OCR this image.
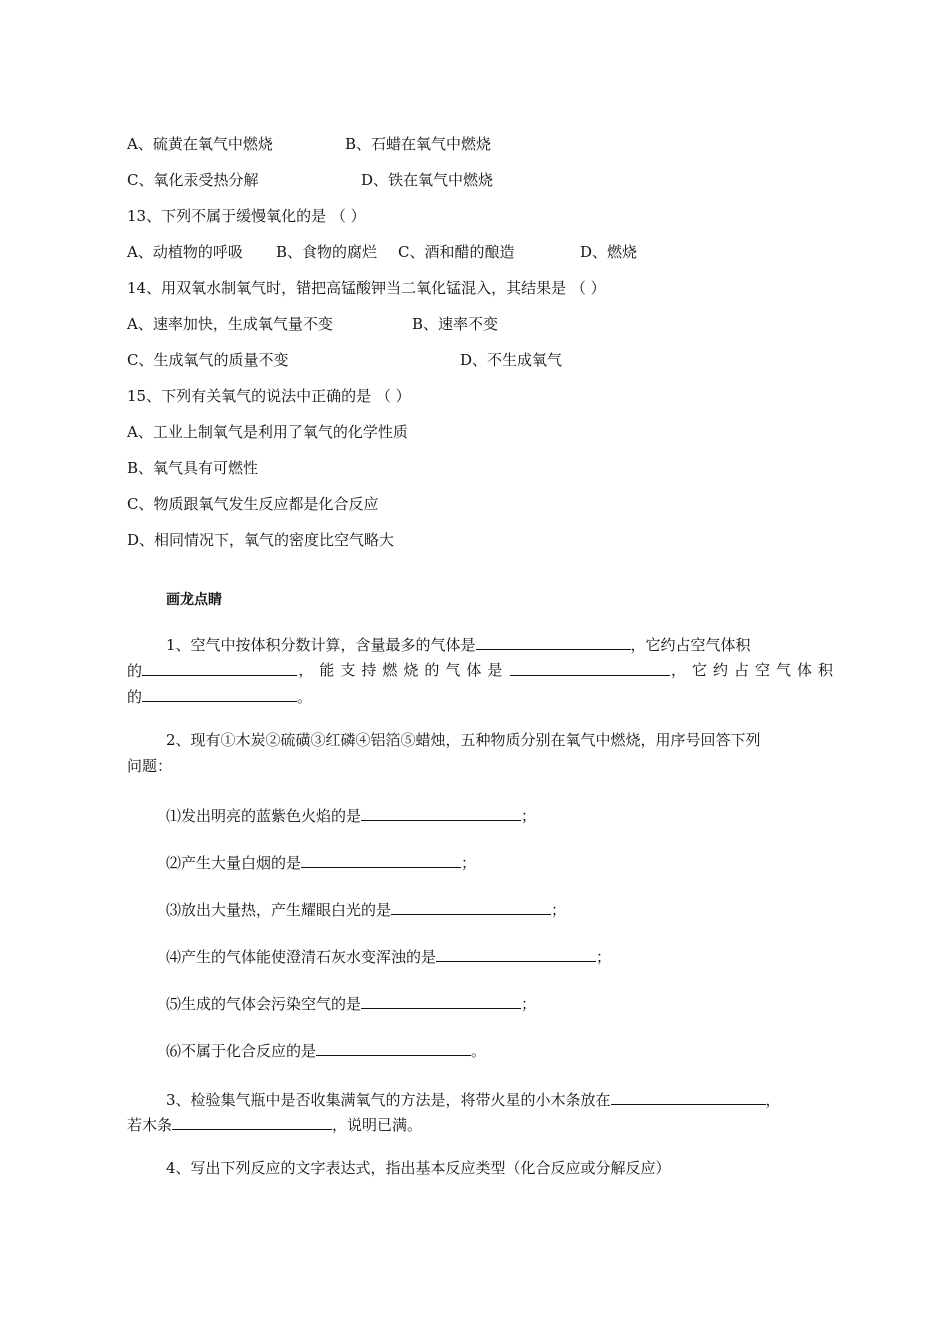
A、硫黄在氧气中燃烧	B、石蜡在氧气中燃烧
C、氧化汞受热分解	D、铁在氧气中燃烧
13、下列不属于缓慢氧化的是 （ ）
A、动植物的呼吸 B、食物的腐烂 C、酒和醋的酿造	D、燃烧
14、用双氧水制氧气时，错把高锰酸钾当二氧化锰混入，其结果是 （ ）
A、速率加快，生成氧气量不变	B、速率不变
C、生成氧气的质量不变	D、不生成氧气
15、下列有关氧气的说法中正确的是 （ ）
A、工业上制氧气是利用了氧气的化学性质
B、氧气具有可燃性
C、物质跟氧气发生反应都是化合反应
D、相同情况下，氧气的密度比空气略大
画龙点睛
1、空气中按体积分数计算，含量最多的气体是	，它约占空气体积
的	，能支持燃烧的气体是	，它约占空气体积
的	。
2、现有①木炭②硫磺③红磷④铝箔⑤蜡烛，五种物质分别在氧气中燃烧，用序号回答下列
问题：
⑴发出明亮的蓝紫色火焰的是	；
⑵产生大量白烟的是	；
⑶放出大量热，产生耀眼白光的是	；
⑷产生的气体能使澄清石灰水变浑浊的是	；
⑸生成的气体会污染空气的是	；
⑹不属于化合反应的是	。
3、检验集气瓶中是否收集满氧气的方法是，将带火星的小木条放在	，
若木条	，说明已满。
4、写出下列反应的文字表达式，指出基本反应类型（化合反应或分解反应）
